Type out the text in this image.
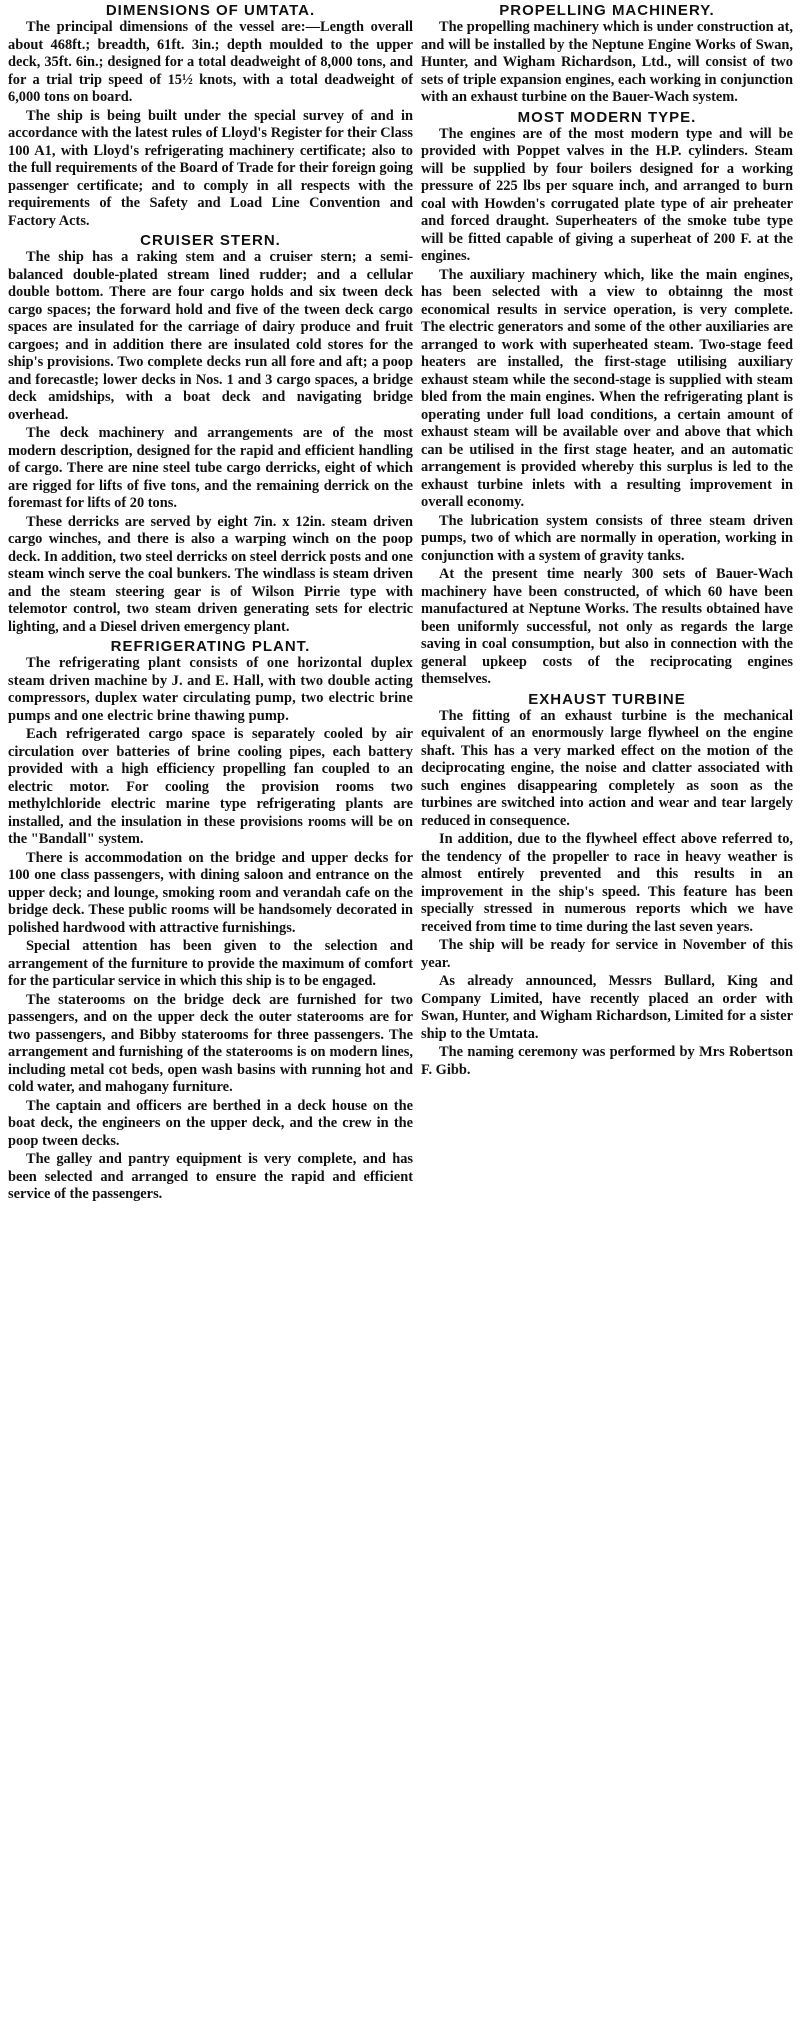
DIMENSIONS OF UMTATA.

The principal dimensions of the vessel are:—Length overall about 468ft.; breadth, 61ft. 3in.; depth moulded to the upper deck, 35ft. 6in.; designed for a total deadweight of 8,000 tons, and for a trial trip speed of 15½ knots, with a total deadweight of 6,000 tons on board.

The ship is being built under the special survey of and in accordance with the latest rules of Lloyd's Register for their Class 100 A1, with Lloyd's refrigerating machinery certificate; also to the full requirements of the Board of Trade for their foreign going passenger certificate; and to comply in all respects with the requirements of the Safety and Load Line Convention and Factory Acts.

CRUISER STERN.

The ship has a raking stem and a cruiser stern; a semi-balanced double-plated stream lined rudder; and a cellular double bottom. There are four cargo holds and six tween deck cargo spaces; the forward hold and five of the tween deck cargo spaces are insulated for the carriage of dairy produce and fruit cargoes; and in addition there are insulated cold stores for the ship's provisions. Two complete decks run all fore and aft; a poop and forecastle; lower decks in Nos. 1 and 3 cargo spaces, a bridge deck amidships, with a boat deck and navigating bridge overhead.

The deck machinery and arrangements are of the most modern description, designed for the rapid and efficient handling of cargo. There are nine steel tube cargo derricks, eight of which are rigged for lifts of five tons, and the remaining derrick on the foremast for lifts of 20 tons.

These derricks are served by eight 7in. x 12in. steam driven cargo winches, and there is also a warping winch on the poop deck. In addition, two steel derricks on steel derrick posts and one steam winch serve the coal bunkers. The windlass is steam driven and the steam steering gear is of Wilson Pirrie type with telemotor control, two steam driven generating sets for electric lighting, and a Diesel driven emergency plant.

REFRIGERATING PLANT.

The refrigerating plant consists of one horizontal duplex steam driven machine by J. and E. Hall, with two double acting compressors, duplex water circulating pump, two electric brine pumps and one electric brine thawing pump.

Each refrigerated cargo space is separately cooled by air circulation over batteries of brine cooling pipes, each battery provided with a high efficiency propelling fan coupled to an electric motor. For cooling the provision rooms two methylchloride electric marine type refrigerating plants are installed, and the insulation in these provisions rooms will be on the "Bandall" system.

There is accommodation on the bridge and upper decks for 100 one class passengers, with dining saloon and entrance on the upper deck; and lounge, smoking room and verandah cafe on the bridge deck. These public rooms will be handsomely decorated in polished hardwood with attractive furnishings.

Special attention has been given to the selection and arrangement of the furniture to provide the maximum of comfort for the particular service in which this ship is to be engaged.

The staterooms on the bridge deck are furnished for two passengers, and on the upper deck the outer staterooms are for two passengers, and Bibby staterooms for three passengers. The arrangement and furnishing of the staterooms is on modern lines, including metal cot beds, open wash basins with running hot and cold water, and mahogany furniture.

The captain and officers are berthed in a deck house on the boat deck, the engineers on the upper deck, and the crew in the poop tween decks.

The galley and pantry equipment is very complete, and has been selected and arranged to ensure the rapid and efficient service of the passengers.

PROPELLING MACHINERY.

The propelling machinery which is under construction at, and will be installed by the Neptune Engine Works of Swan, Hunter, and Wigham Richardson, Ltd., will consist of two sets of triple expansion engines, each working in conjunction with an exhaust turbine on the Bauer-Wach system.

MOST MODERN TYPE.

The engines are of the most modern type and will be provided with Poppet valves in the H.P. cylinders. Steam will be supplied by four boilers designed for a working pressure of 225 lbs per square inch, and arranged to burn coal with Howden's corrugated plate type of air preheater and forced draught. Superheaters of the smoke tube type will be fitted capable of giving a superheat of 200 F. at the engines.

The auxiliary machinery which, like the main engines, has been selected with a view to obtainng the most economical results in service operation, is very complete. The electric generators and some of the other auxiliaries are arranged to work with superheated steam. Two-stage feed heaters are installed, the first-stage utilising auxiliary exhaust steam while the second-stage is supplied with steam bled from the main engines. When the refrigerating plant is operating under full load conditions, a certain amount of exhaust steam will be available over and above that which can be utilised in the first stage heater, and an automatic arrangement is provided whereby this surplus is led to the exhaust turbine inlets with a resulting improvement in overall economy.

The lubrication system consists of three steam driven pumps, two of which are normally in operation, working in conjunction with a system of gravity tanks.

At the present time nearly 300 sets of Bauer-Wach machinery have been constructed, of which 60 have been manufactured at Neptune Works. The results obtained have been uniformly successful, not only as regards the large saving in coal consumption, but also in connection with the general upkeep costs of the reciprocating engines themselves.

EXHAUST TURBINE

The fitting of an exhaust turbine is the mechanical equivalent of an enormously large flywheel on the engine shaft. This has a very marked effect on the motion of the deciprocating engine, the noise and clatter associated with such engines disappearing completely as soon as the turbines are switched into action and wear and tear largely reduced in consequence.

In addition, due to the flywheel effect above referred to, the tendency of the propeller to race in heavy weather is almost entirely prevented and this results in an improvement in the ship's speed. This feature has been specially stressed in numerous reports which we have received from time to time during the last seven years.

The ship will be ready for service in November of this year.

As already announced, Messrs Bullard, King and Company Limited, have recently placed an order with Swan, Hunter, and Wigham Richardson, Limited for a sister ship to the Umtata.

The naming ceremony was performed by Mrs Robertson F. Gibb.
